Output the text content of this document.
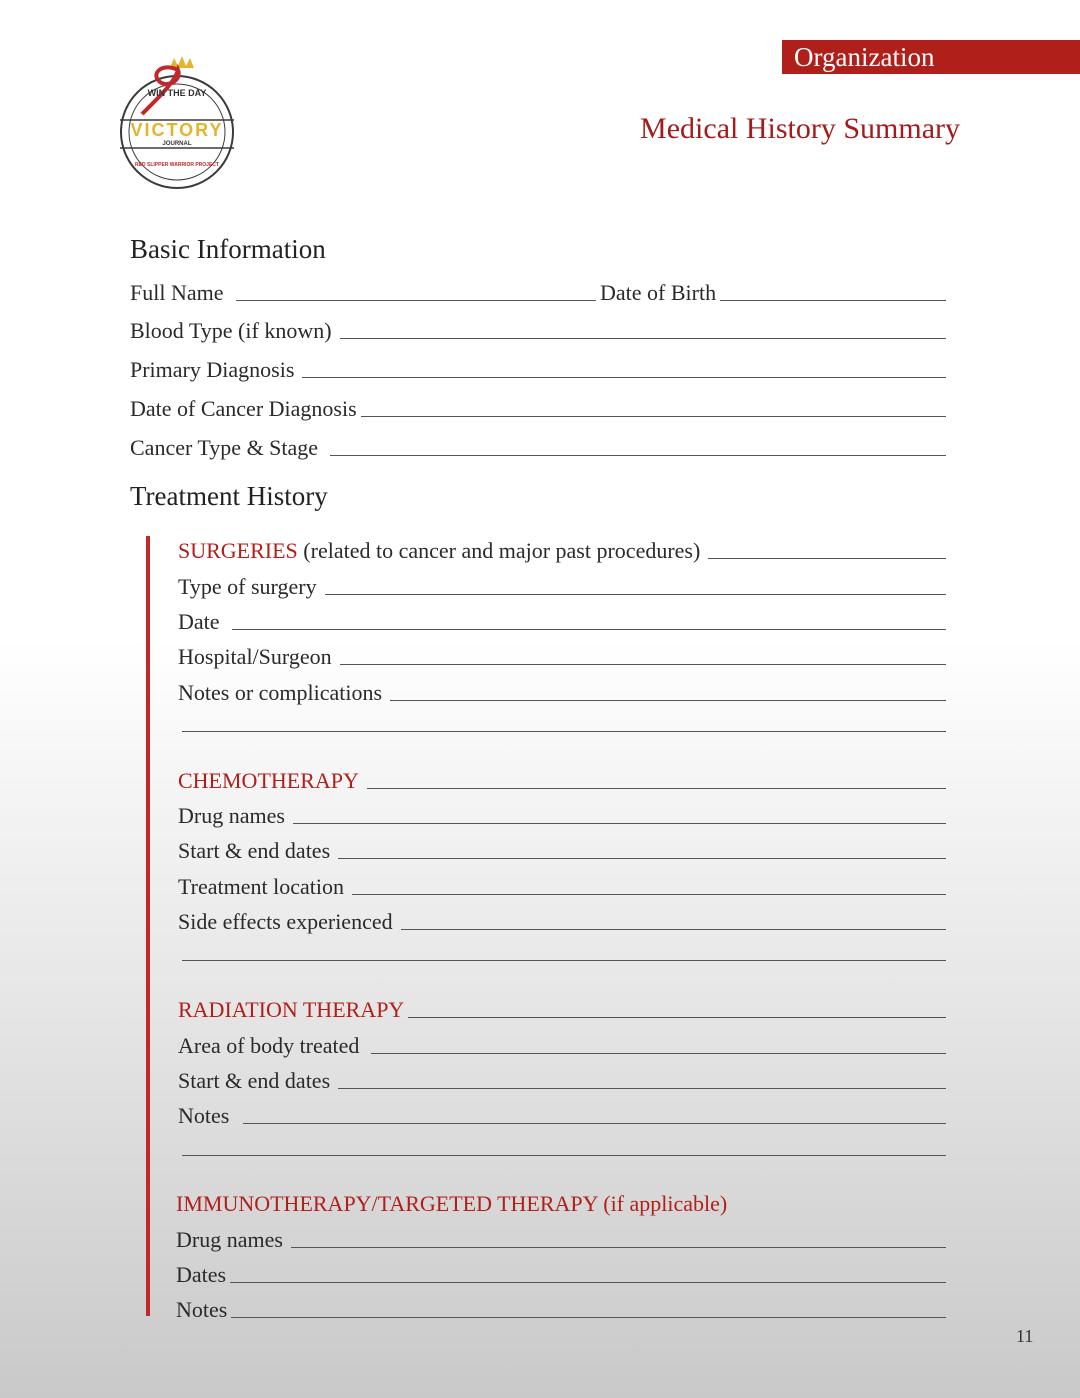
Organization
Medical History Summary
WIN THE DAY
VICTORY
JOURNAL
RED SLIPPER WARRIOR PROJECT
Basic Information
Full Name	Date of Birth
Blood Type (if known)
Primary Diagnosis
Date of Cancer Diagnosis
Cancer Type & Stage
Treatment History
SURGERIES (related to cancer and major past procedures)
Type of surgery
Date
Hospital/Surgeon
Notes or complications
CHEMOTHERAPY
Drug names
Start & end dates
Treatment location
Side effects experienced
RADIATION THERAPY
Area of body treated
Start & end dates
Notes
IMMUNOTHERAPY/TARGETED THERAPY (if applicable)
Drug names
Dates
Notes
11
